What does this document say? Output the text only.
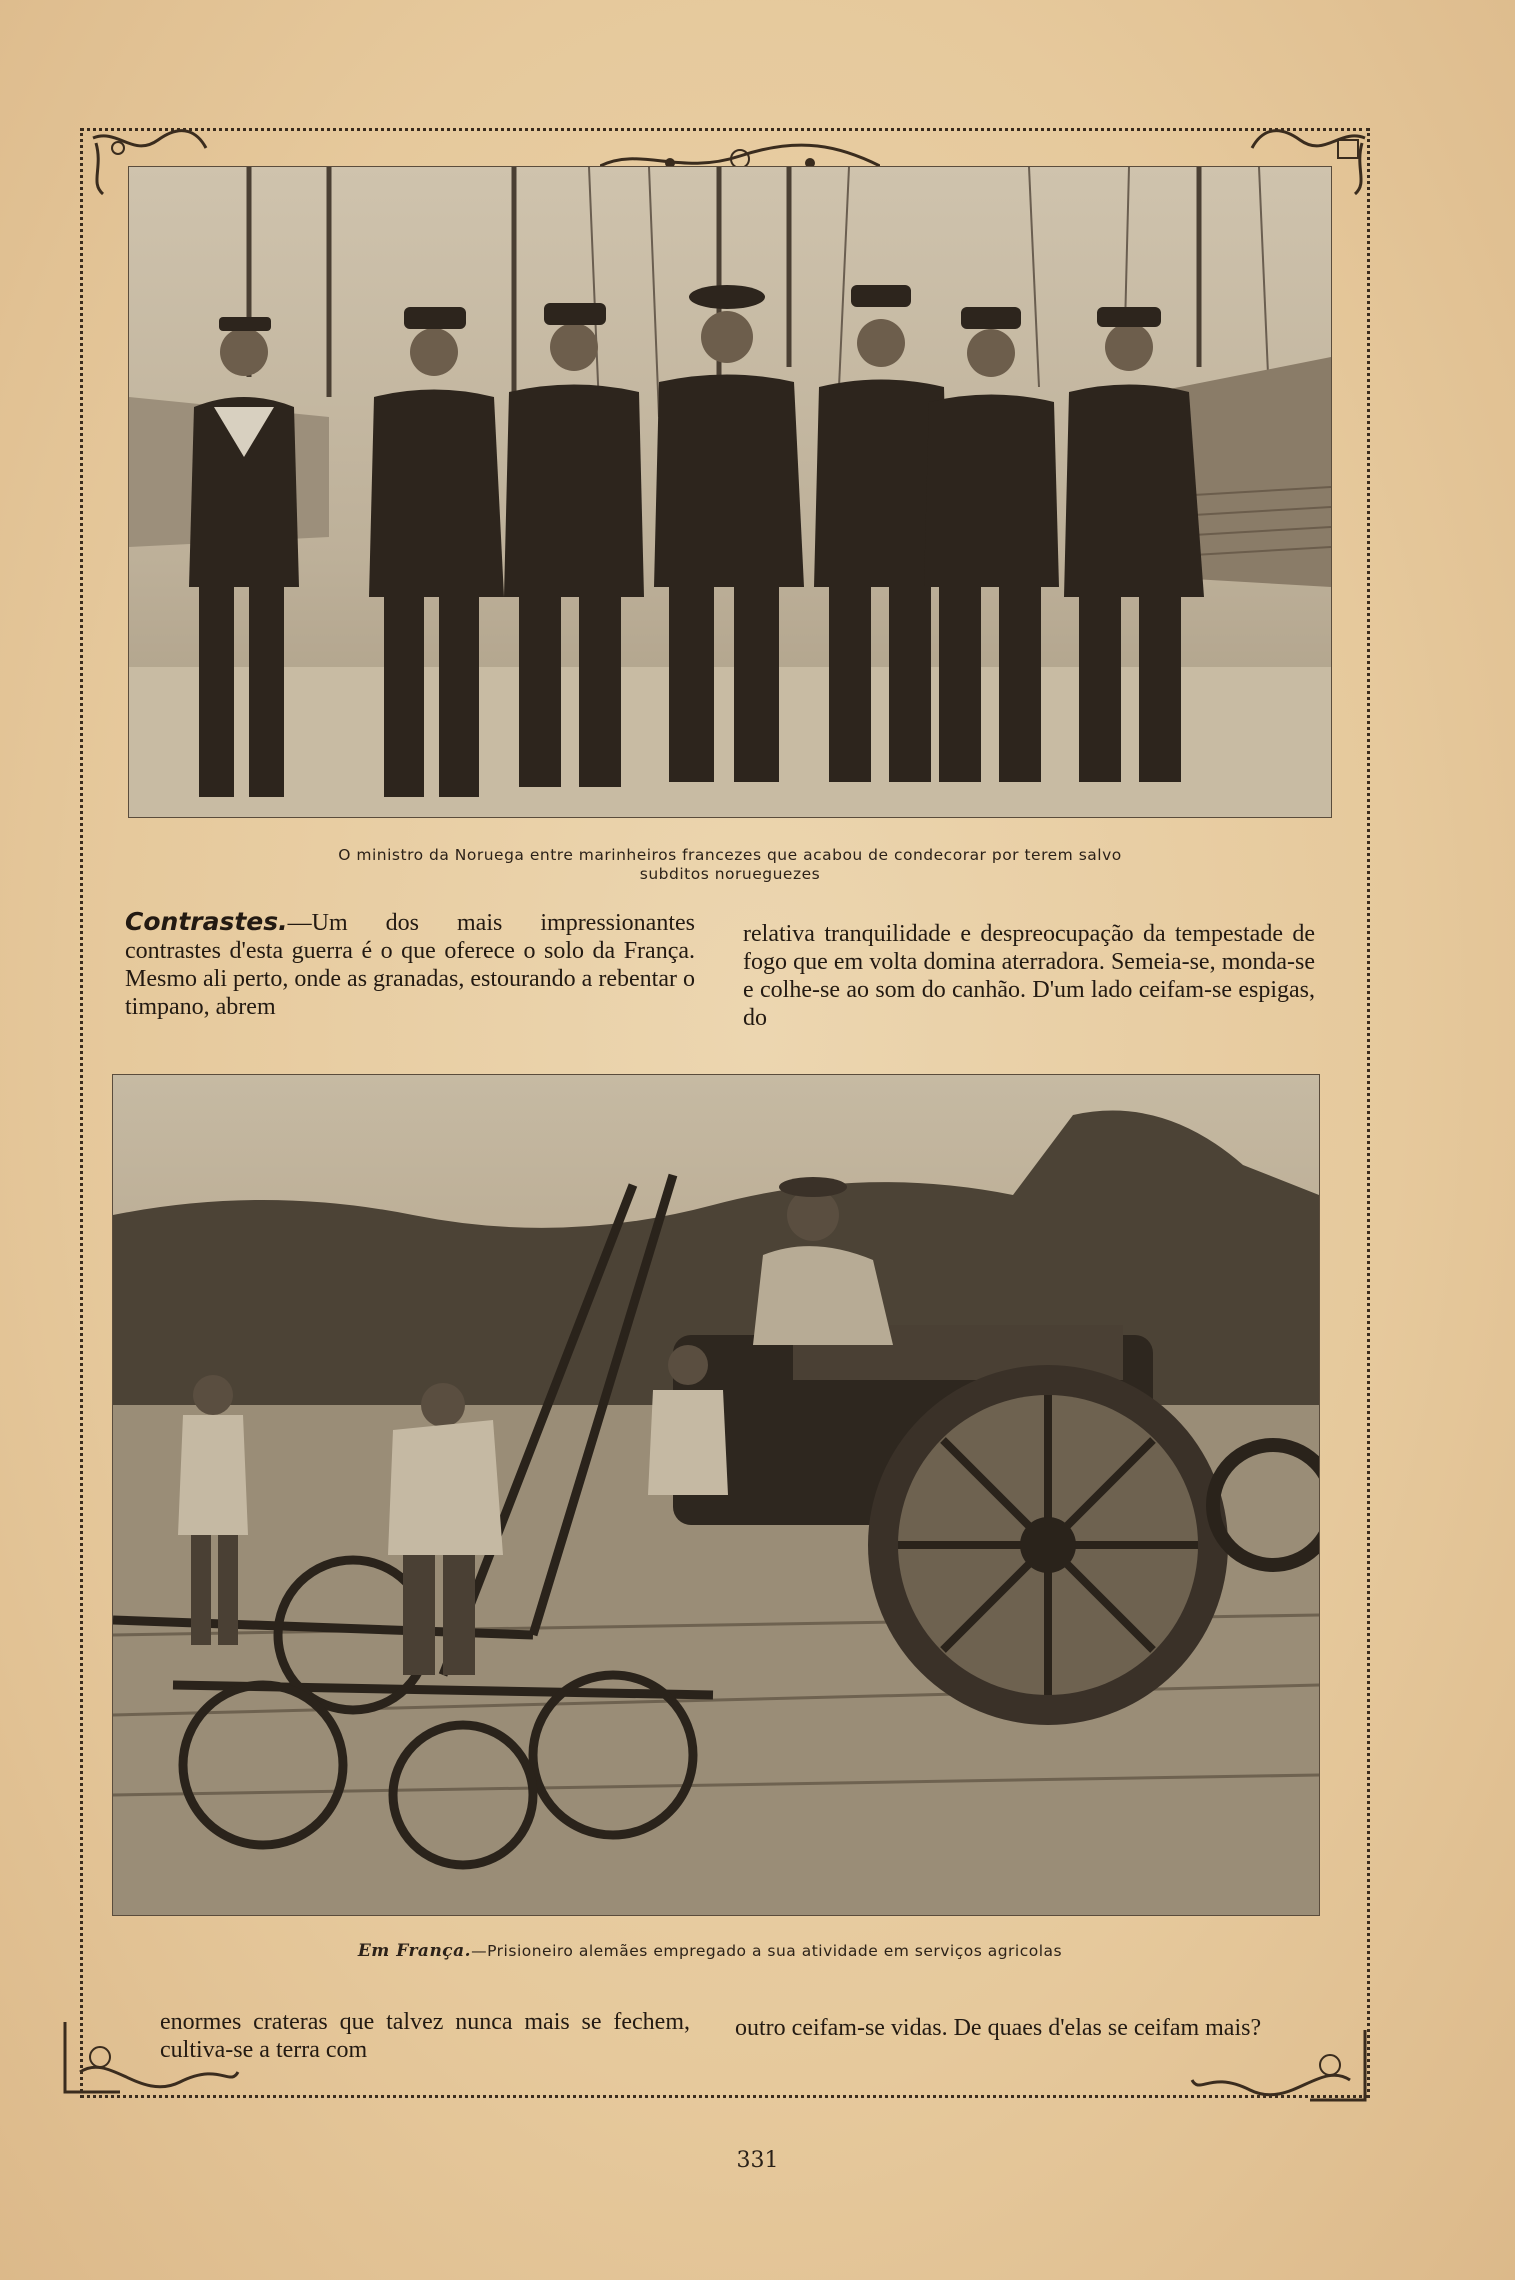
O ministro da Noruega entre marinheiros francezes que acabou de condecorar por terem salvo
subditos norueguezes
Contrastes.—Um dos mais impressionantes contrastes d'esta guerra é o que oferece o solo da França. Mesmo ali perto, onde as granadas, estourando a rebentar o timpano, abrem
relativa tranquilidade e despreocupação da tempestade de fogo que em volta domina aterradora. Semeia-se, monda-se e colhe-se ao som do canhão. D'um lado ceifam-se espigas, do
Em França.—Prisioneiro alemães empregado a sua atividade em serviços agricolas
enormes crateras que talvez nunca mais se fechem, cultiva-se a terra com
outro ceifam-se vidas. De quaes d'elas se ceifam mais?
331
